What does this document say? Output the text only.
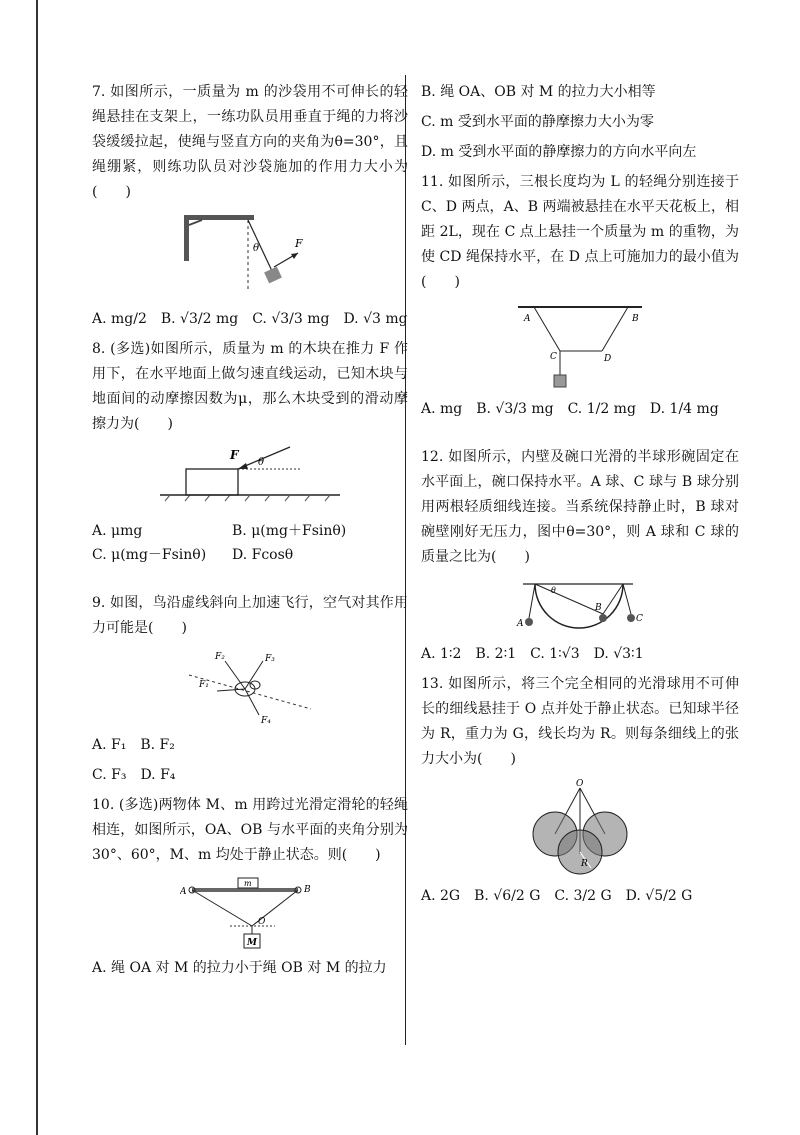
7. 如图所示，一质量为 m 的沙袋用不可伸长的轻绳悬挂在支架上，一练功队员用垂直于绳的力将沙袋缓缓拉起，使绳与竖直方向的夹角为θ=30°，且绳绷紧，则练功队员对沙袋施加的作用力大小为(　　)

θ	F

A. mg/2　B. √3/2 mg　C. √3/3 mg　D. √3 mg

8. (多选)如图所示，质量为 m 的木块在推力 F 作用下，在水平地面上做匀速直线运动，已知木块与地面间的动摩擦因数为μ，那么木块受到的滑动摩擦力为(　　)

F
θ
A. μmg	B. μ(mg＋Fsinθ)
C. μ(mg－Fsinθ)	D. Fcosθ

9. 如图，鸟沿虚线斜向上加速飞行，空气对其作用力可能是(　　)

F₂	F₃
F₁
F₄

A. F₁　B. F₂

C. F₃　D. F₄

10. (多选)两物体 M、m 用跨过光滑定滑轮的轻绳相连，如图所示，OA、OB 与水平面的夹角分别为 30°、60°，M、m 均处于静止状态。则(　　)

A	B
m
M
O

A. 绳 OA 对 M 的拉力小于绳 OB 对 M 的拉力

B. 绳 OA、OB 对 M 的拉力大小相等

C. m 受到水平面的静摩擦力大小为零

D. m 受到水平面的静摩擦力的方向水平向左

11. 如图所示，三根长度均为 L 的轻绳分别连接于 C、D 两点，A、B 两端被悬挂在水平天花板上，相距 2L，现在 C 点上悬挂一个质量为 m 的重物，为使 CD 绳保持水平，在 D 点上可施加力的最小值为(　　)

A	B
C	D

A. mg　B. √3/3 mg　C. 1/2 mg　D. 1/4 mg

12. 如图所示，内壁及碗口光滑的半球形碗固定在水平面上，碗口保持水平。A 球、C 球与 B 球分别用两根轻质细线连接。当系统保持静止时，B 球对碗壁刚好无压力，图中θ=30°，则 A 球和 C 球的质量之比为(　　)

A
B
C
θ

A. 1∶2　B. 2∶1　C. 1∶√3　D. √3∶1

13. 如图所示，将三个完全相同的光滑球用不可伸长的细线悬挂于 O 点并处于静止状态。已知球半径为 R，重力为 G，线长均为 R。则每条细线上的张力大小为(　　)

O
R

A. 2G　B. √6/2 G　C. 3/2 G　D. √5/2 G
